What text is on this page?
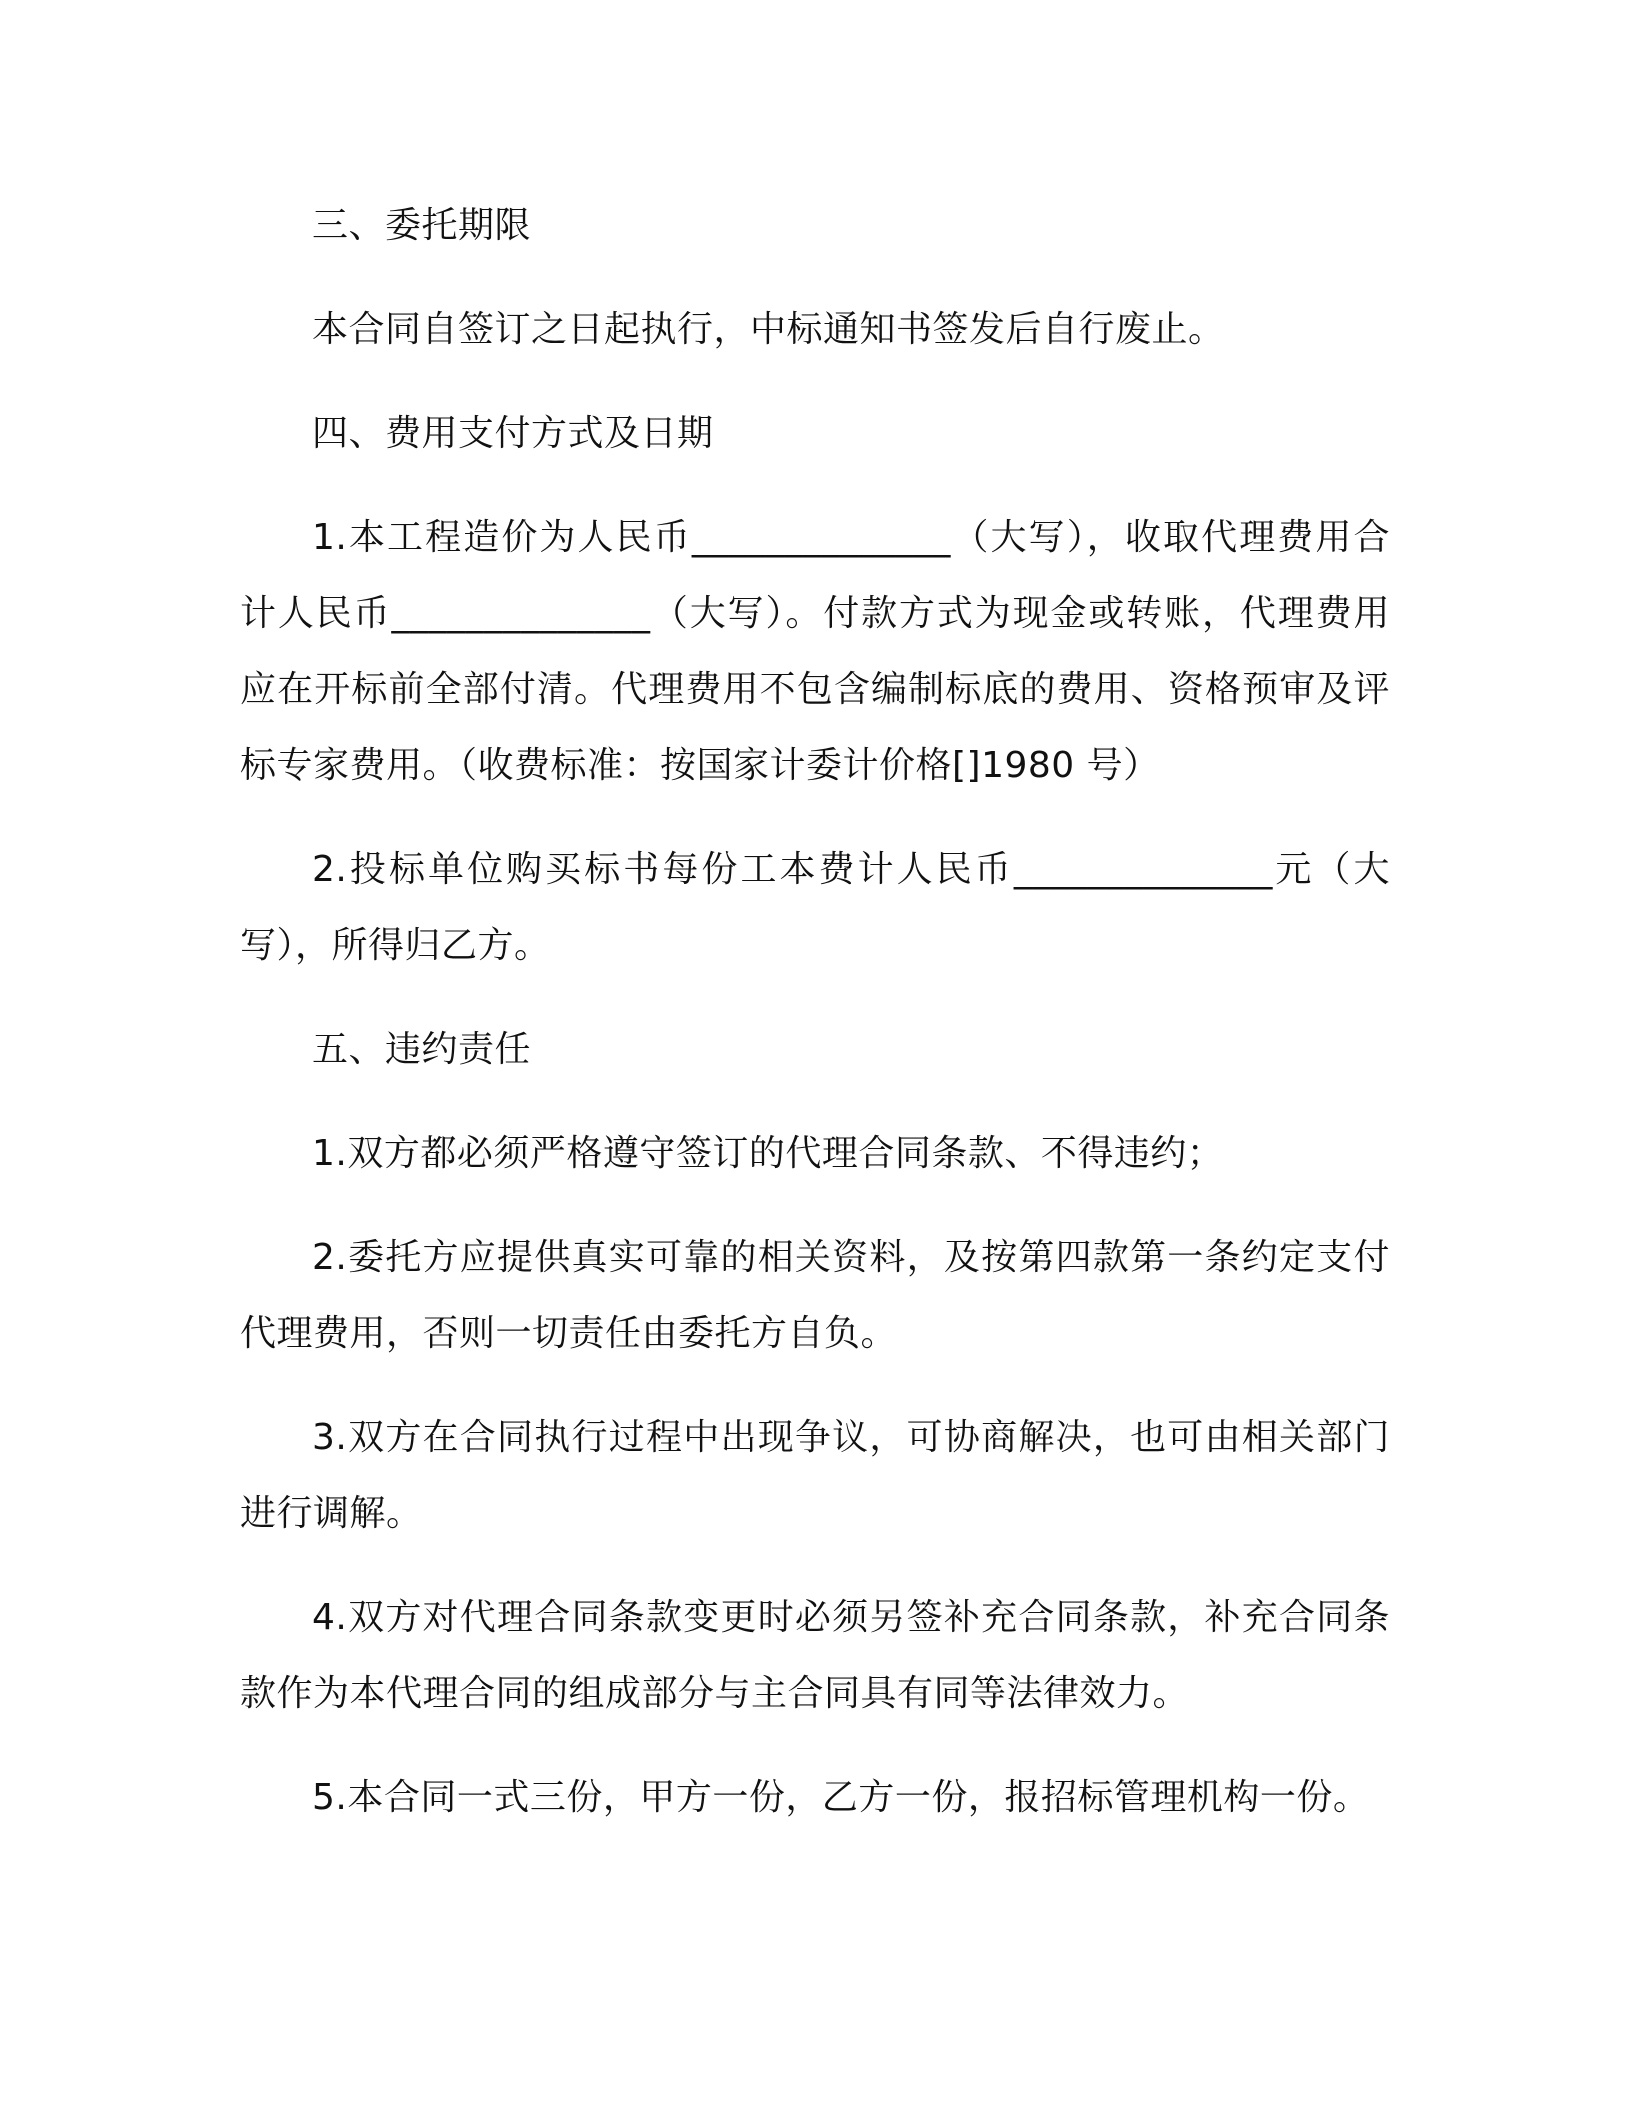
三、委托期限

本合同自签订之日起执行，中标通知书签发后自行废止。

四、费用支付方式及日期

1.本工程造价为人民币______________（大写），收取代理费用合计人民币______________（大写）。付款方式为现金或转账，代理费用应在开标前全部付清。代理费用不包含编制标底的费用、资格预审及评标专家费用。（收费标准：按国家计委计价格[]1980 号）

2.投标单位购买标书每份工本费计人民币______________元（大写），所得归乙方。

五、违约责任

1.双方都必须严格遵守签订的代理合同条款、不得违约；

2.委托方应提供真实可靠的相关资料，及按第四款第一条约定支付代理费用，否则一切责任由委托方自负。

3.双方在合同执行过程中出现争议，可协商解决，也可由相关部门进行调解。

4.双方对代理合同条款变更时必须另签补充合同条款，补充合同条款作为本代理合同的组成部分与主合同具有同等法律效力。

5.本合同一式三份，甲方一份，乙方一份，报招标管理机构一份。
